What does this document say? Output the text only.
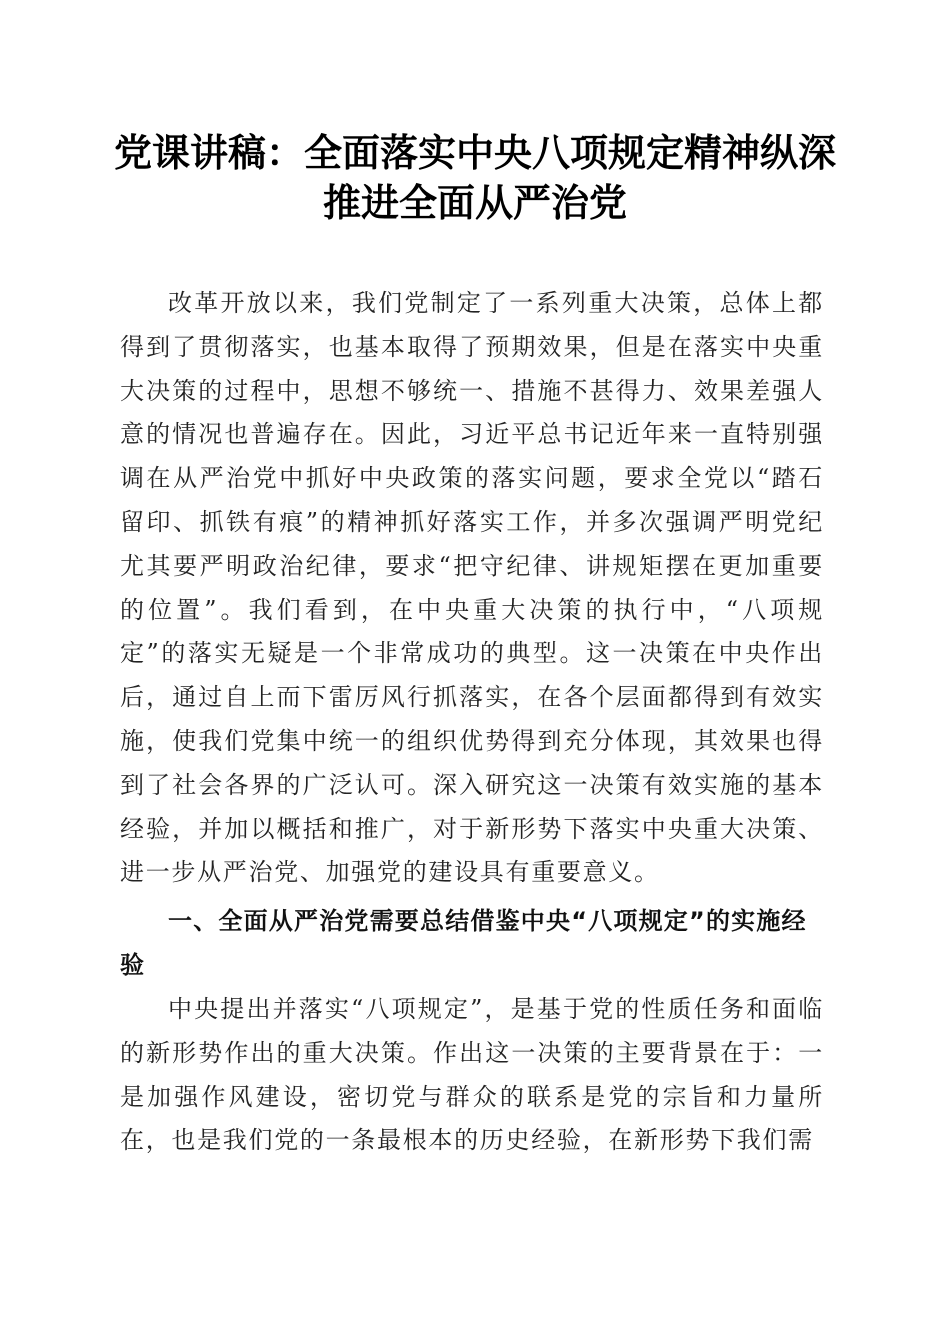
党课讲稿：全面落实中央八项规定精神纵深推进全面从严治党

改革开放以来，我们党制定了一系列重大决策，总体上都得到了贯彻落实，也基本取得了预期效果，但是在落实中央重大决策的过程中，思想不够统一、措施不甚得力、效果差强人意的情况也普遍存在。因此，习近平总书记近年来一直特别强调在从严治党中抓好中央政策的落实问题，要求全党以“踏石留印、抓铁有痕”的精神抓好落实工作，并多次强调严明党纪尤其要严明政治纪律，要求“把守纪律、讲规矩摆在更加重要的位置”。我们看到，在中央重大决策的执行中，“八项规定”的落实无疑是一个非常成功的典型。这一决策在中央作出后，通过自上而下雷厉风行抓落实，在各个层面都得到有效实施，使我们党集中统一的组织优势得到充分体现，其效果也得到了社会各界的广泛认可。深入研究这一决策有效实施的基本经验，并加以概括和推广，对于新形势下落实中央重大决策、进一步从严治党、加强党的建设具有重要意义。

一、全面从严治党需要总结借鉴中央“八项规定”的实施经验

中央提出并落实“八项规定”，是基于党的性质任务和面临的新形势作出的重大决策。作出这一决策的主要背景在于：一是加强作风建设，密切党与群众的联系是党的宗旨和力量所在，也是我们党的一条最根本的历史经验，在新形势下我们需
